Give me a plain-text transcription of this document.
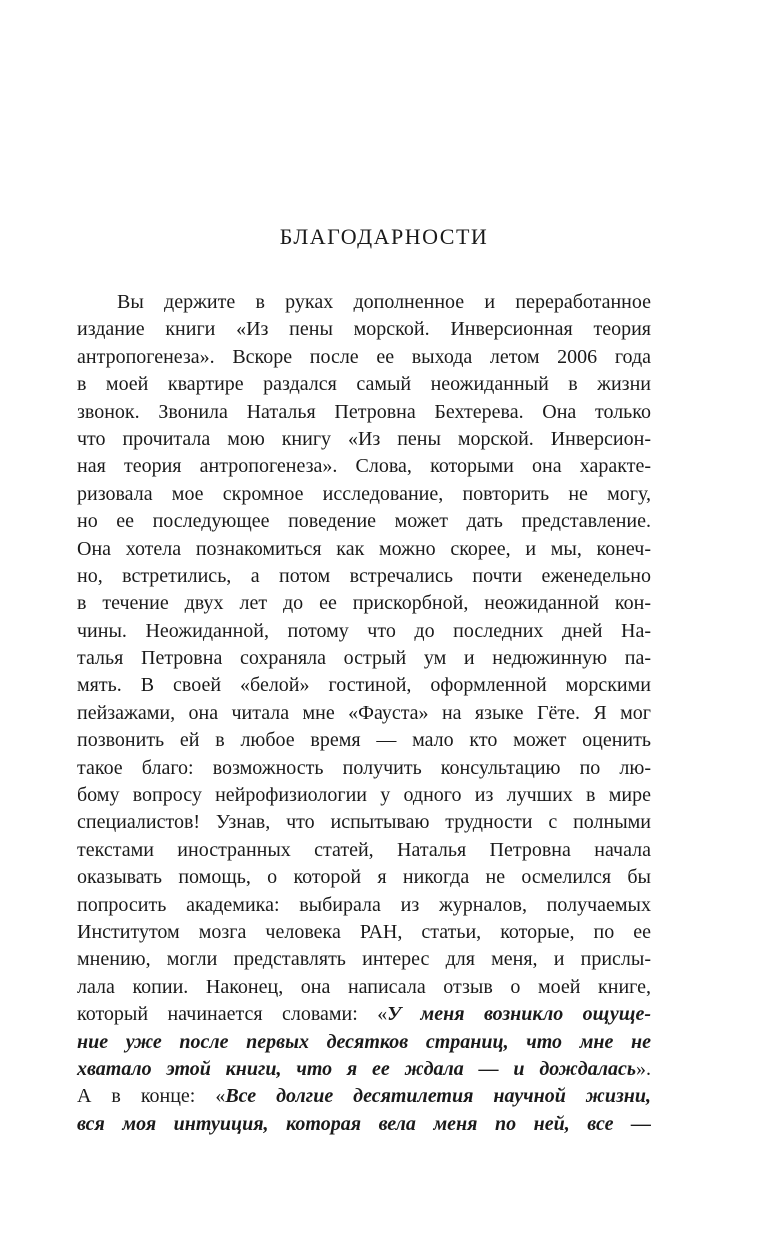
БЛАГОДАРНОСТИ
Вы держите в руках дополненное и переработанное
издание книги «Из пены морской. Инверсионная теория
антропогенеза». Вскоре после ее выхода летом 2006 года
в моей квартире раздался самый неожиданный в жизни
звонок. Звонила Наталья Петровна Бехтерева. Она только
что прочитала мою книгу «Из пены морской. Инверсион-
ная теория антропогенеза». Слова, которыми она характе-
ризовала мое скромное исследование, повторить не могу,
но ее последующее поведение может дать представление.
Она хотела познакомиться как можно скорее, и мы, конеч-
но, встретились, а потом встречались почти еженедельно
в течение двух лет до ее прискорбной, неожиданной кон-
чины. Неожиданной, потому что до последних дней На-
талья Петровна сохраняла острый ум и недюжинную па-
мять. В своей «белой» гостиной, оформленной морскими
пейзажами, она читала мне «Фауста» на языке Гёте. Я мог
позвонить ей в любое время — мало кто может оценить
такое благо: возможность получить консультацию по лю-
бому вопросу нейрофизиологии у одного из лучших в мире
специалистов! Узнав, что испытываю трудности с полными
текстами иностранных статей, Наталья Петровна начала
оказывать помощь, о которой я никогда не осмелился бы
попросить академика: выбирала из журналов, получаемых
Институтом мозга человека РАН, статьи, которые, по ее
мнению, могли представлять интерес для меня, и прислы-
лала копии. Наконец, она написала отзыв о моей книге,
который начинается словами: «У меня возникло ощуще-
ние уже после первых десятков страниц, что мне не
хватало этой книги, что я ее ждала — и дождалась».
А в конце: «Все долгие десятилетия научной жизни,
вся моя интуиция, которая вела меня по ней, все —
